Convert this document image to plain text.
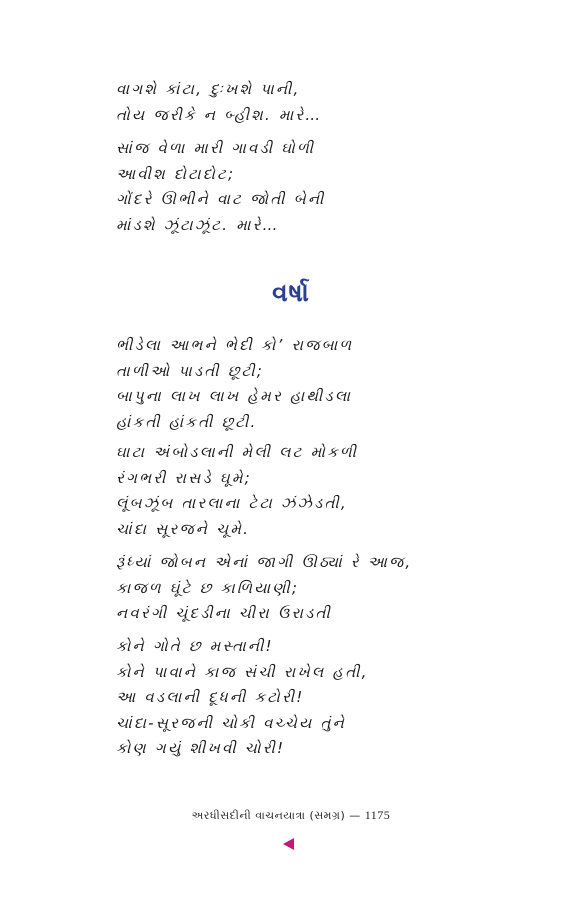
વાગશે કાંટા, દુઃખશે પાની,
તોય જરીકે ન બ્હીશ. મારે…
સાંજ વેળા મારી ગાવડી ઘોળી
આવીશ દોટાદોટ;
ગોંદરે ઊભીને વાટ જોતી બેની
માંડશે ઝૂંટાઝૂંટ. મારે…
વર્ષા
ભીડેલા આભને ભેદી કો’ રાજબાળ
તાળીઓ પાડતી છૂટી;
બાપુના લાખ લાખ હેમર હાથીડલા
હાંકતી હાંકતી છૂટી.
ઘાટા અંબોડલાની મેલી લટ મોકળી
રંગભરી રાસડે ઘૂમે;
લૂંબઝૂંબ તારલાના ટેટા ઝંઝેડતી,
ચાંદા સૂરજને ચૂમે.
રૂંધ્યાં જોબન એનાં જાગી ઊઠ્યાં રે આજ,
કાજળ ઘૂંટે છ કાળિયાણી;
નવરંગી ચૂંદડીના ચીરા ઉરાડતી
કોને ગોતે છ મસ્તાની!
કોને પાવાને કાજ સંચી રાખેલ હતી,
આ વડલાની દૂધની કટોરી!
ચાંદા-સૂરજની ચોકી વચ્ચેય તુંને
કોણ ગયું શીખવી ચોરી!
અરધીસદીની વાચનયાત્રા (સમગ્ર) — 1175
